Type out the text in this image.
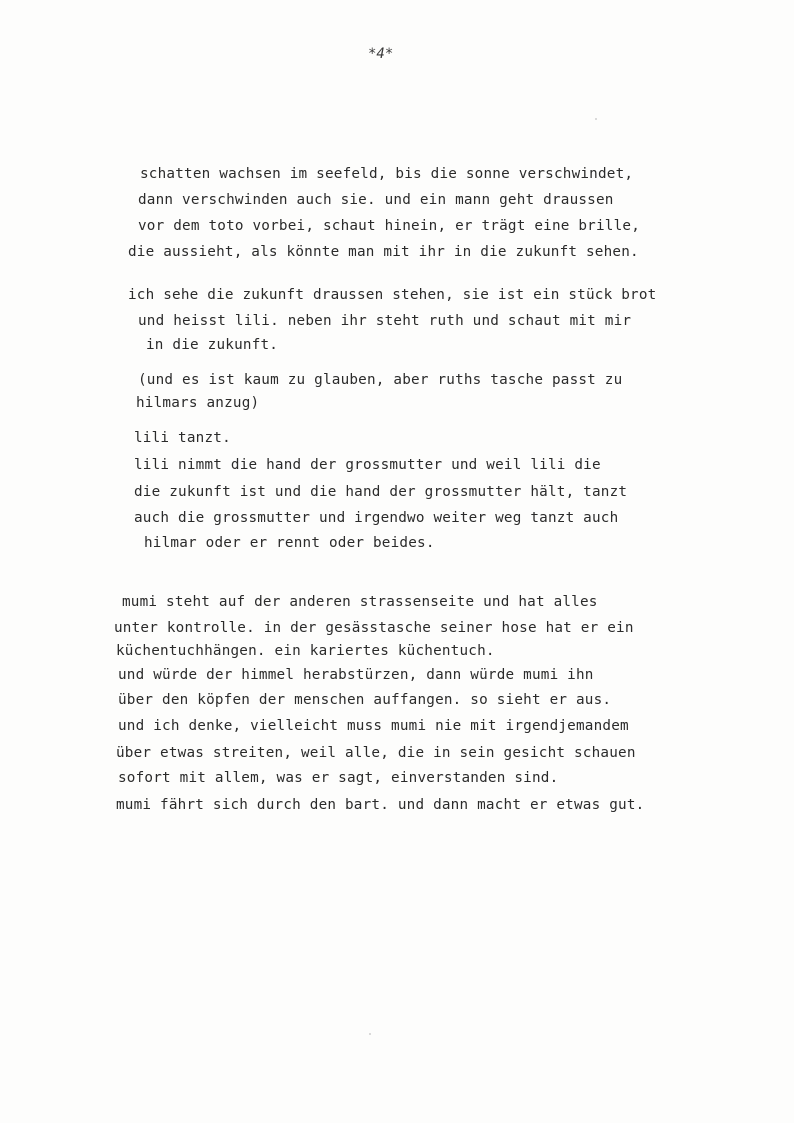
*4*
schatten wachsen im seefeld, bis die sonne verschwindet,
dann verschwinden auch sie. und ein mann geht draussen
vor dem toto vorbei, schaut hinein, er trägt eine brille,
die aussieht, als könnte man mit ihr in die zukunft sehen.
ich sehe die zukunft draussen stehen, sie ist ein stück brot
und heisst lili. neben ihr steht ruth und schaut mit mir
in die zukunft.
(und es ist kaum zu glauben, aber ruths tasche passt zu
hilmars anzug)
lili tanzt.
lili nimmt die hand der grossmutter und weil lili die
die zukunft ist und die hand der grossmutter hält, tanzt
auch die grossmutter und irgendwo weiter weg tanzt auch
hilmar oder er rennt oder beides.
mumi steht auf der anderen strassenseite und hat alles
unter kontrolle. in der gesässtasche seiner hose hat er ein
küchentuchhängen. ein kariertes küchentuch.
und würde der himmel herabstürzen, dann würde mumi ihn
über den köpfen der menschen auffangen. so sieht er aus.
und ich denke, vielleicht muss mumi nie mit irgendjemandem
über etwas streiten, weil alle, die in sein gesicht schauen
sofort mit allem, was er sagt, einverstanden sind.
mumi fährt sich durch den bart. und dann macht er etwas gut.
